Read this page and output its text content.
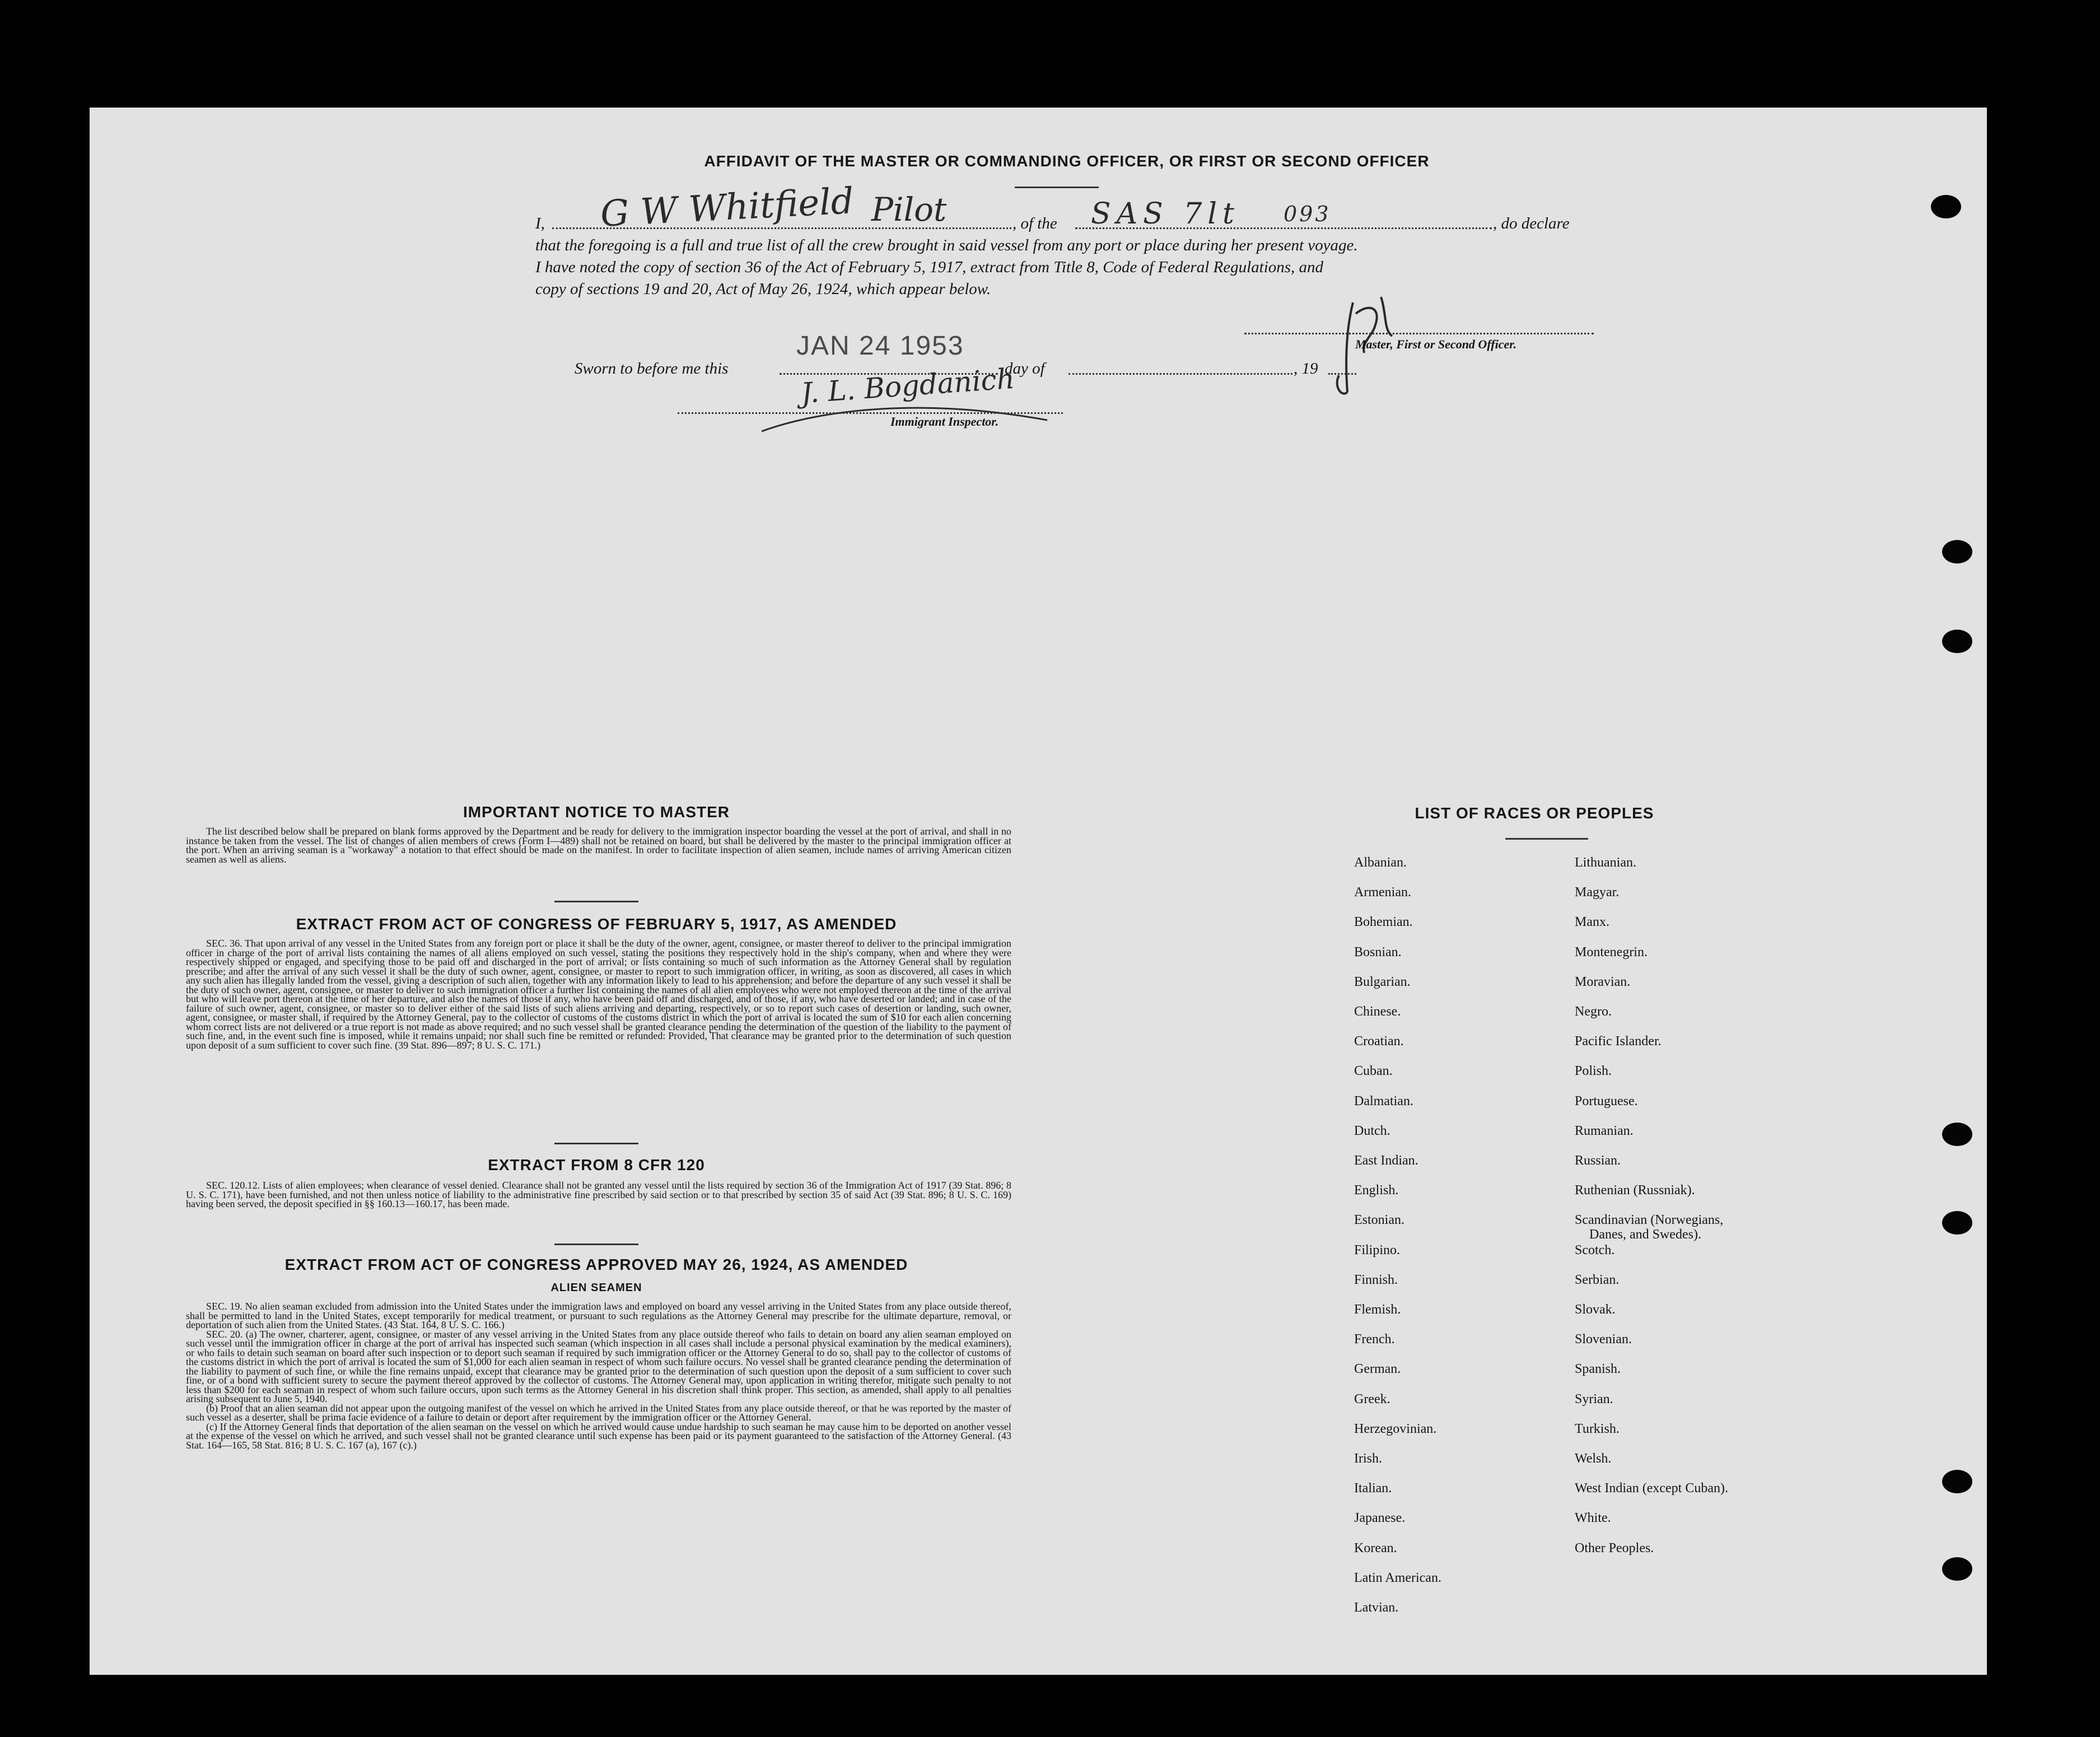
AFFIDAVIT OF THE MASTER OR COMMANDING OFFICER, OR FIRST OR SECOND OFFICER
I, G W Whitfield Pilot	, of the SAS 7lt 093	, do declare
that the foregoing is a full and true list of all the crew brought in said vessel from any port or place during her present voyage.
I have noted the copy of section 36 of the Act of February 5, 1917, extract from Title 8, Code of Federal Regulations, and
copy of sections 19 and 20, Act of May 26, 1924, which appear below.
Master, First or Second Officer.
Sworn to before me this
JAN 24 1953
day of	, 19
J. L. Bogdanich
Immigrant Inspector.
IMPORTANT NOTICE TO MASTER

The list described below shall be prepared on blank forms approved by the Department and be ready for delivery to the immigration inspector boarding the vessel at the port of arrival, and shall in no instance be taken from the vessel. The list of changes of alien members of crews (Form I—489) shall not be retained on board, but shall be delivered by the master to the principal immigration officer at the port. When an arriving seaman is a "workaway" a notation to that effect should be made on the manifest. In order to facilitate inspection of alien seamen, include names of arriving American citizen seamen as well as aliens.

EXTRACT FROM ACT OF CONGRESS OF FEBRUARY 5, 1917, AS AMENDED

SEC. 36. That upon arrival of any vessel in the United States from any foreign port or place it shall be the duty of the owner, agent, consignee, or master thereof to deliver to the principal immigration officer in charge of the port of arrival lists containing the names of all aliens employed on such vessel, stating the positions they respectively hold in the ship's company, when and where they were respectively shipped or engaged, and specifying those to be paid off and discharged in the port of arrival; or lists containing so much of such information as the Attorney General shall by regulation prescribe; and after the arrival of any such vessel it shall be the duty of such owner, agent, consignee, or master to report to such immigration officer, in writing, as soon as discovered, all cases in which any such alien has illegally landed from the vessel, giving a description of such alien, together with any information likely to lead to his apprehension; and before the departure of any such vessel it shall be the duty of such owner, agent, consignee, or master to deliver to such immigration officer a further list containing the names of all alien employees who were not employed thereon at the time of the arrival but who will leave port thereon at the time of her departure, and also the names of those if any, who have been paid off and discharged, and of those, if any, who have deserted or landed; and in case of the failure of such owner, agent, consignee, or master so to deliver either of the said lists of such aliens arriving and departing, respectively, or so to report such cases of desertion or landing, such owner, agent, consignee, or master shall, if required by the Attorney General, pay to the collector of customs of the customs district in which the port of arrival is located the sum of $10 for each alien concerning whom correct lists are not delivered or a true report is not made as above required; and no such vessel shall be granted clearance pending the determination of the question of the liability to the payment of such fine, and, in the event such fine is imposed, while it remains unpaid; nor shall such fine be remitted or refunded: Provided, That clearance may be granted prior to the determination of such question upon deposit of a sum sufficient to cover such fine. (39 Stat. 896—897; 8 U. S. C. 171.)

EXTRACT FROM 8 CFR 120

SEC. 120.12. Lists of alien employees; when clearance of vessel denied. Clearance shall not be granted any vessel until the lists required by section 36 of the Immigration Act of 1917 (39 Stat. 896; 8 U. S. C. 171), have been furnished, and not then unless notice of liability to the administrative fine prescribed by said section or to that prescribed by section 35 of said Act (39 Stat. 896; 8 U. S. C. 169) having been served, the deposit specified in §§ 160.13—160.17, has been made.

EXTRACT FROM ACT OF CONGRESS APPROVED MAY 26, 1924, AS AMENDED
ALIEN SEAMEN

SEC. 19. No alien seaman excluded from admission into the United States under the immigration laws and employed on board any vessel arriving in the United States from any place outside thereof, shall be permitted to land in the United States, except temporarily for medical treatment, or pursuant to such regulations as the Attorney General may prescribe for the ultimate departure, removal, or deportation of such alien from the United States. (43 Stat. 164, 8 U. S. C. 166.)

SEC. 20. (a) The owner, charterer, agent, consignee, or master of any vessel arriving in the United States from any place outside thereof who fails to detain on board any alien seaman employed on such vessel until the immigration officer in charge at the port of arrival has inspected such seaman (which inspection in all cases shall include a personal physical examination by the medical examiners), or who fails to detain such seaman on board after such inspection or to deport such seaman if required by such immigration officer or the Attorney General to do so, shall pay to the collector of customs of the customs district in which the port of arrival is located the sum of $1,000 for each alien seaman in respect of whom such failure occurs. No vessel shall be granted clearance pending the determination of the liability to payment of such fine, or while the fine remains unpaid, except that clearance may be granted prior to the determination of such question upon the deposit of a sum sufficient to cover such fine, or of a bond with sufficient surety to secure the payment thereof approved by the collector of customs. The Attorney General may, upon application in writing therefor, mitigate such penalty to not less than $200 for each seaman in respect of whom such failure occurs, upon such terms as the Attorney General in his discretion shall think proper. This section, as amended, shall apply to all penalties arising subsequent to June 5, 1940.

(b) Proof that an alien seaman did not appear upon the outgoing manifest of the vessel on which he arrived in the United States from any place outside thereof, or that he was reported by the master of such vessel as a deserter, shall be prima facie evidence of a failure to detain or deport after requirement by the immigration officer or the Attorney General.

(c) If the Attorney General finds that deportation of the alien seaman on the vessel on which he arrived would cause undue hardship to such seaman he may cause him to be deported on another vessel at the expense of the vessel on which he arrived, and such vessel shall not be granted clearance until such expense has been paid or its payment guaranteed to the satisfaction of the Attorney General. (43 Stat. 164—165, 58 Stat. 816; 8 U. S. C. 167 (a), 167 (c).)

LIST OF RACES OR PEOPLES
Albanian.
Armenian.
Bohemian.
Bosnian.
Bulgarian.
Chinese.
Croatian.
Cuban.
Dalmatian.
Dutch.
East Indian.
English.
Estonian.
Filipino.
Finnish.
Flemish.
French.
German.
Greek.
Herzegovinian.
Irish.
Italian.
Japanese.
Korean.
Latin American.
Latvian.
Lithuanian.
Magyar.
Manx.
Montenegrin.
Moravian.
Negro.
Pacific Islander.
Polish.
Portuguese.
Rumanian.
Russian.
Ruthenian (Russniak).
Scandinavian (Norwegians,
Danes, and Swedes).
Scotch.
Serbian.
Slovak.
Slovenian.
Spanish.
Syrian.
Turkish.
Welsh.
West Indian (except Cuban).
White.
Other Peoples.
